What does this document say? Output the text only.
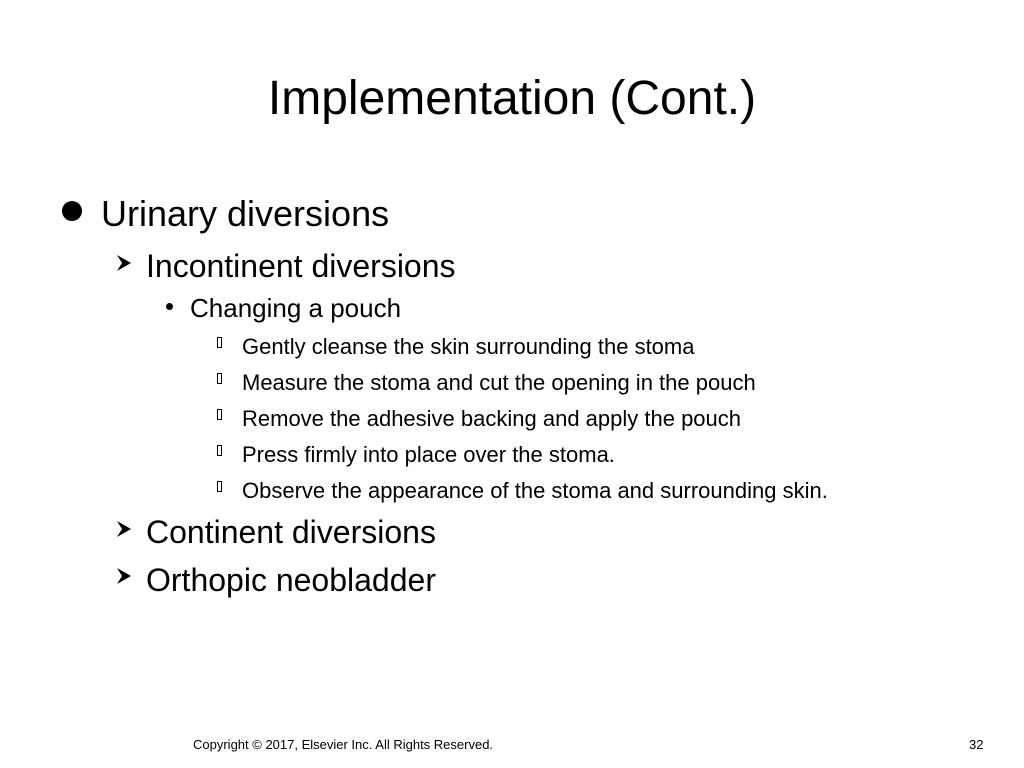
Implementation (Cont.)
Urinary diversions
Incontinent diversions
Changing a pouch
Gently cleanse the skin surrounding the stoma
Measure the stoma and cut the opening in the pouch
Remove the adhesive backing and apply the pouch
Press firmly into place over the stoma.
Observe the appearance of the stoma and surrounding skin.
Continent diversions
Orthopic neobladder
Copyright © 2017, Elsevier Inc. All Rights Reserved.	32
